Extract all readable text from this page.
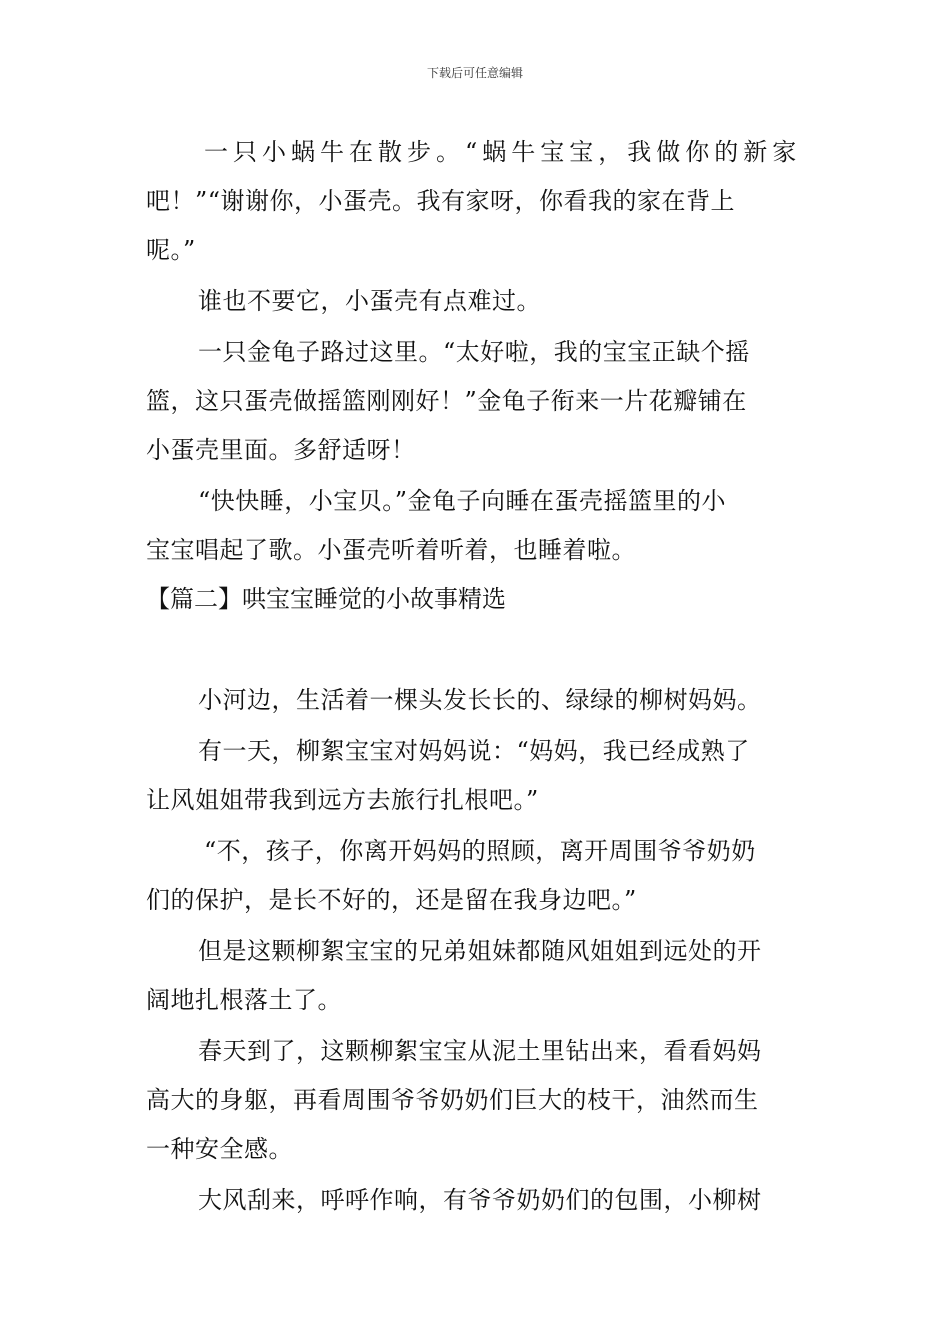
下载后可任意编辑

一只小蜗牛在散步。“蜗牛宝宝，我做你的新家

吧！”“谢谢你，小蛋壳。我有家呀，你看我的家在背上

呢。”

谁也不要它，小蛋壳有点难过。

一只金龟子路过这里。“太好啦，我的宝宝正缺个摇

篮，这只蛋壳做摇篮刚刚好！”金龟子衔来一片花瓣铺在

小蛋壳里面。多舒适呀！

“快快睡，小宝贝。”金龟子向睡在蛋壳摇篮里的小

宝宝唱起了歌。小蛋壳听着听着，也睡着啦。

【篇二】哄宝宝睡觉的小故事精选

小河边，生活着一棵头发长长的、绿绿的柳树妈妈。

有一天，柳絮宝宝对妈妈说：“妈妈，我已经成熟了

让风姐姐带我到远方去旅行扎根吧。”

“不，孩子，你离开妈妈的照顾，离开周围爷爷奶奶

们的保护，是长不好的，还是留在我身边吧。”

但是这颗柳絮宝宝的兄弟姐妹都随风姐姐到远处的开

阔地扎根落土了。

春天到了，这颗柳絮宝宝从泥土里钻出来，看看妈妈

高大的身躯，再看周围爷爷奶奶们巨大的枝干，油然而生

一种安全感。

大风刮来，呼呼作响，有爷爷奶奶们的包围，小柳树
